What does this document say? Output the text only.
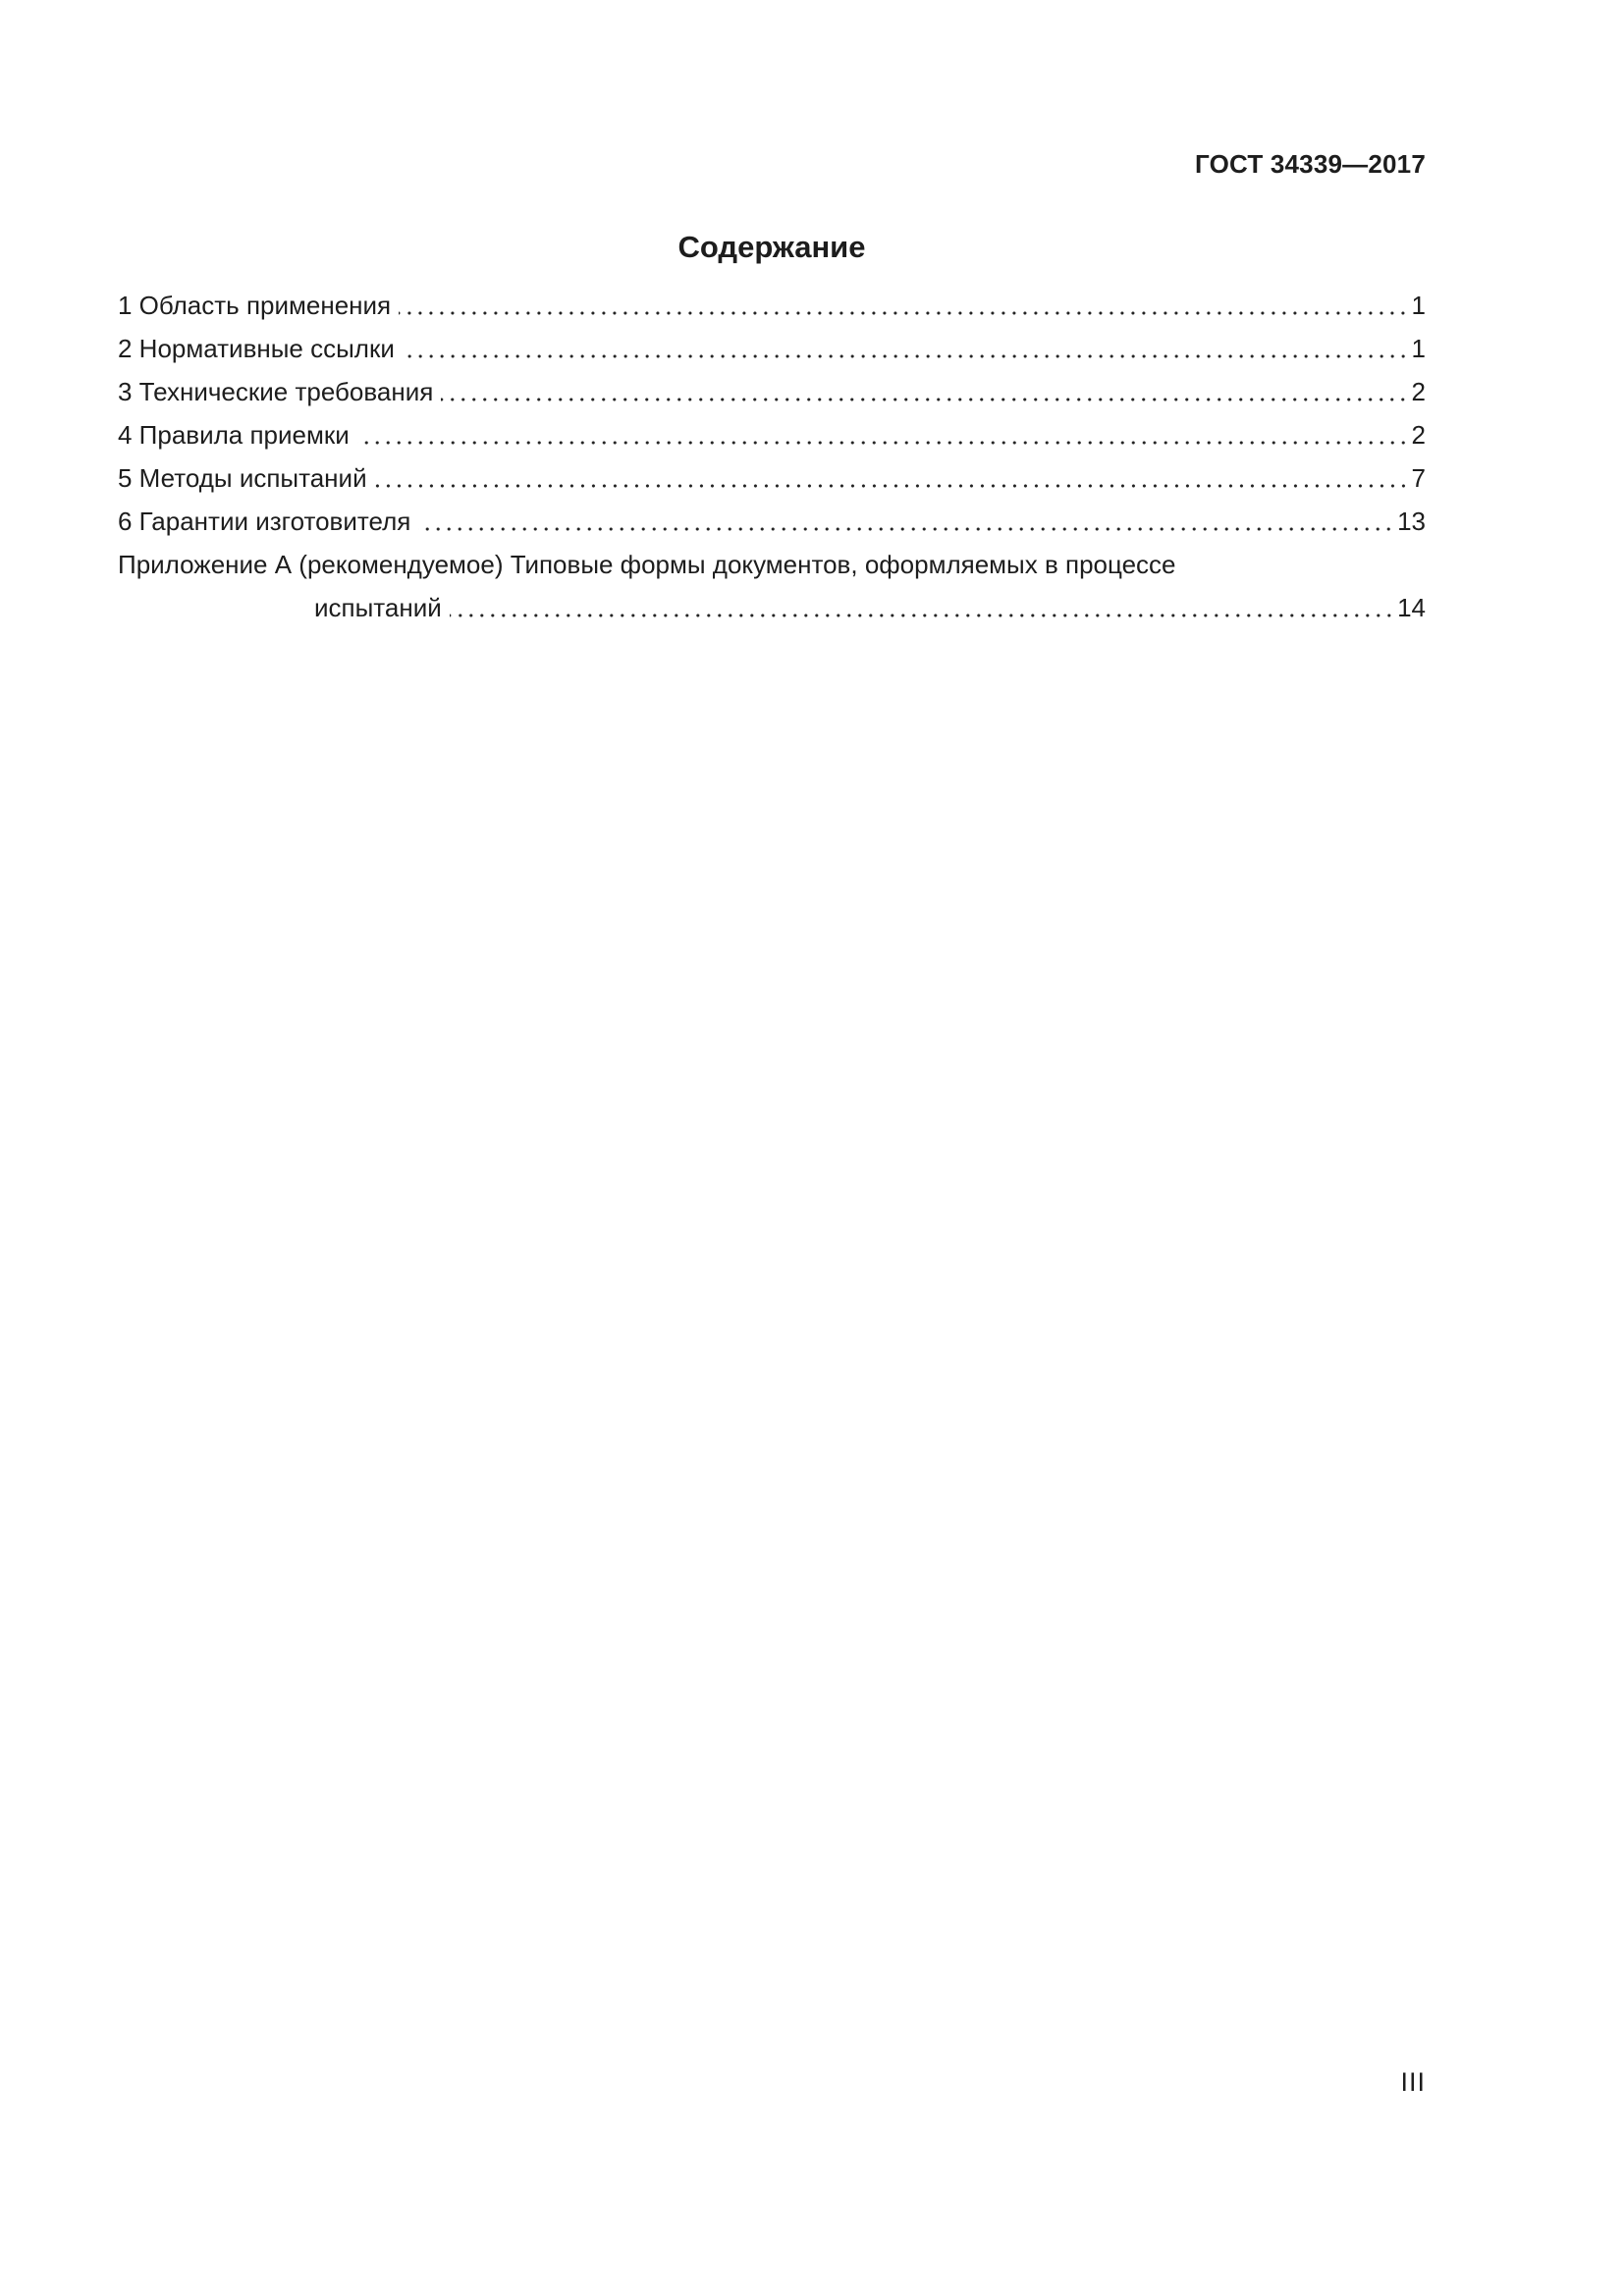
ГОСТ 34339—2017
Содержание
1 Область применения	1
2 Нормативные ссылки	1
3 Технические требования	2
4 Правила приемки	2
5 Методы испытаний	7
6 Гарантии изготовителя	13
Приложение А (рекомендуемое) Типовые формы документов, оформляемых в процессе
испытаний	14
III
